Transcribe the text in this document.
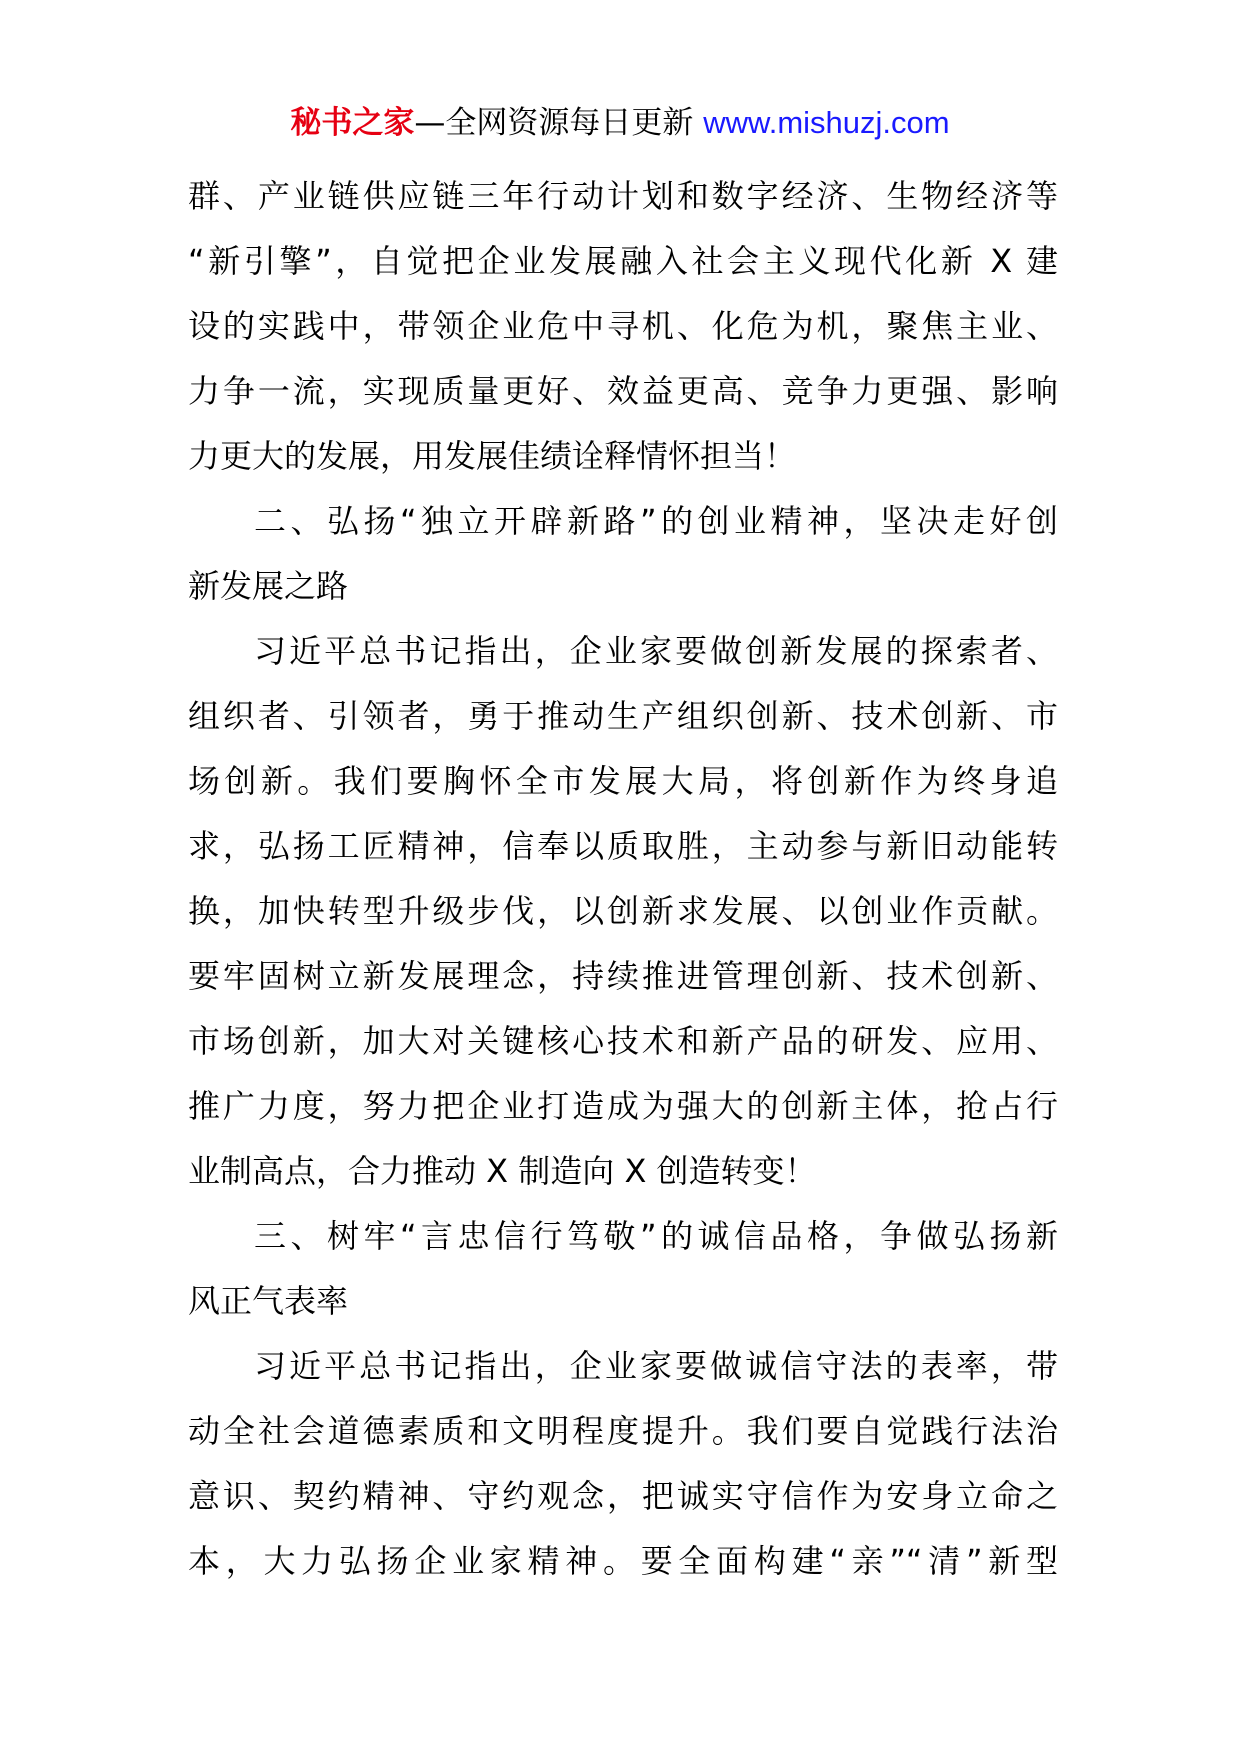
秘书之家—全网资源每日更新 www.mishuzj.com
群、产业链供应链三年行动计划和数字经济、生物经济等
“新引擎”，自觉把企业发展融入社会主义现代化新 X 建
设的实践中，带领企业危中寻机、化危为机，聚焦主业、
力争一流，实现质量更好、效益更高、竞争力更强、影响
力更大的发展，用发展佳绩诠释情怀担当！
二、弘扬“独立开辟新路”的创业精神，坚决走好创
新发展之路
习近平总书记指出，企业家要做创新发展的探索者、
组织者、引领者，勇于推动生产组织创新、技术创新、市
场创新。我们要胸怀全市发展大局，将创新作为终身追
求，弘扬工匠精神，信奉以质取胜，主动参与新旧动能转
换，加快转型升级步伐，以创新求发展、以创业作贡献。
要牢固树立新发展理念，持续推进管理创新、技术创新、
市场创新，加大对关键核心技术和新产品的研发、应用、
推广力度，努力把企业打造成为强大的创新主体，抢占行
业制高点，合力推动 X 制造向 X 创造转变！
三、树牢“言忠信行笃敬”的诚信品格，争做弘扬新
风正气表率
习近平总书记指出，企业家要做诚信守法的表率，带
动全社会道德素质和文明程度提升。我们要自觉践行法治
意识、契约精神、守约观念，把诚实守信作为安身立命之
本，大力弘扬企业家精神。要全面构建“亲”“清”新型
